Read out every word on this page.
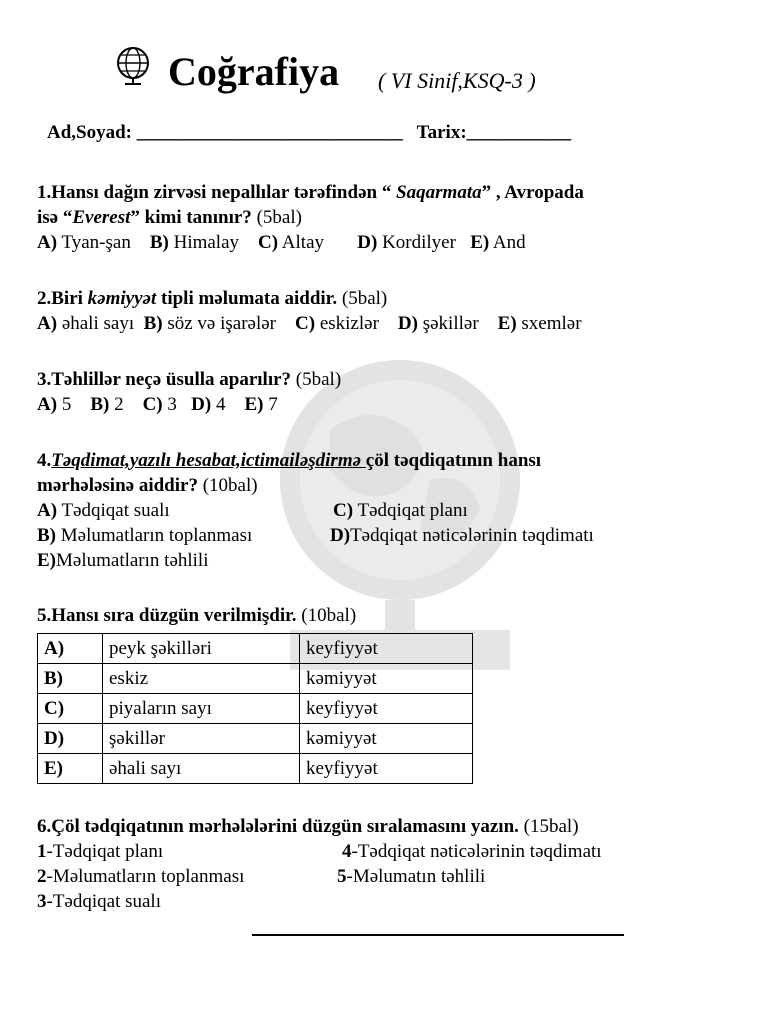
Coğrafiya ( VI Sinif,KSQ-3 )
Ad,Soyad: ____________________________ Tarix:___________
1.Hansı dağın zirvəsi nepallılar tərəfindən “ Saqarmata” , Avropada
isə “Everest” kimi tanınır? (5bal)
A) Tyan-şan B) Himalay C) Altay D) Kordilyer E) And
2.Biri kəmiyyət tipli məlumata aiddir. (5bal)
A) əhali sayı B) söz və işarələr C) eskizlər D) şəkillər E) sxemlər
3.Təhlillər neçə üsulla aparılır? (5bal)
A) 5 B) 2 C) 3 D) 4 E) 7
4.Təqdimat,yazılı hesabat,ictimailəşdirmə çöl təqdiqatının hansı
mərhələsinə aiddir? (10bal)
A) Tədqiqat sualı	C) Tədqiqat planı
B) Məlumatların toplanması	D)Tədqiqat nəticələrinin təqdimatı
E)Məlumatların təhlili
5.Hansı sıra düzgün verilmişdir. (10bal)
A)	peyk şəkilləri	keyfiyyət
B)	eskiz	kəmiyyət
C)	piyaların sayı	keyfiyyət
D)	şəkillər	kəmiyyət
E)	əhali sayı	keyfiyyət
6.Çöl tədqiqatının mərhələlərini düzgün sıralamasını yazın. (15bal)
1-Tədqiqat planı	4-Tədqiqat nəticələrinin təqdimatı
2-Məlumatların toplanması	5-Məlumatın təhlili
3-Tədqiqat sualı
